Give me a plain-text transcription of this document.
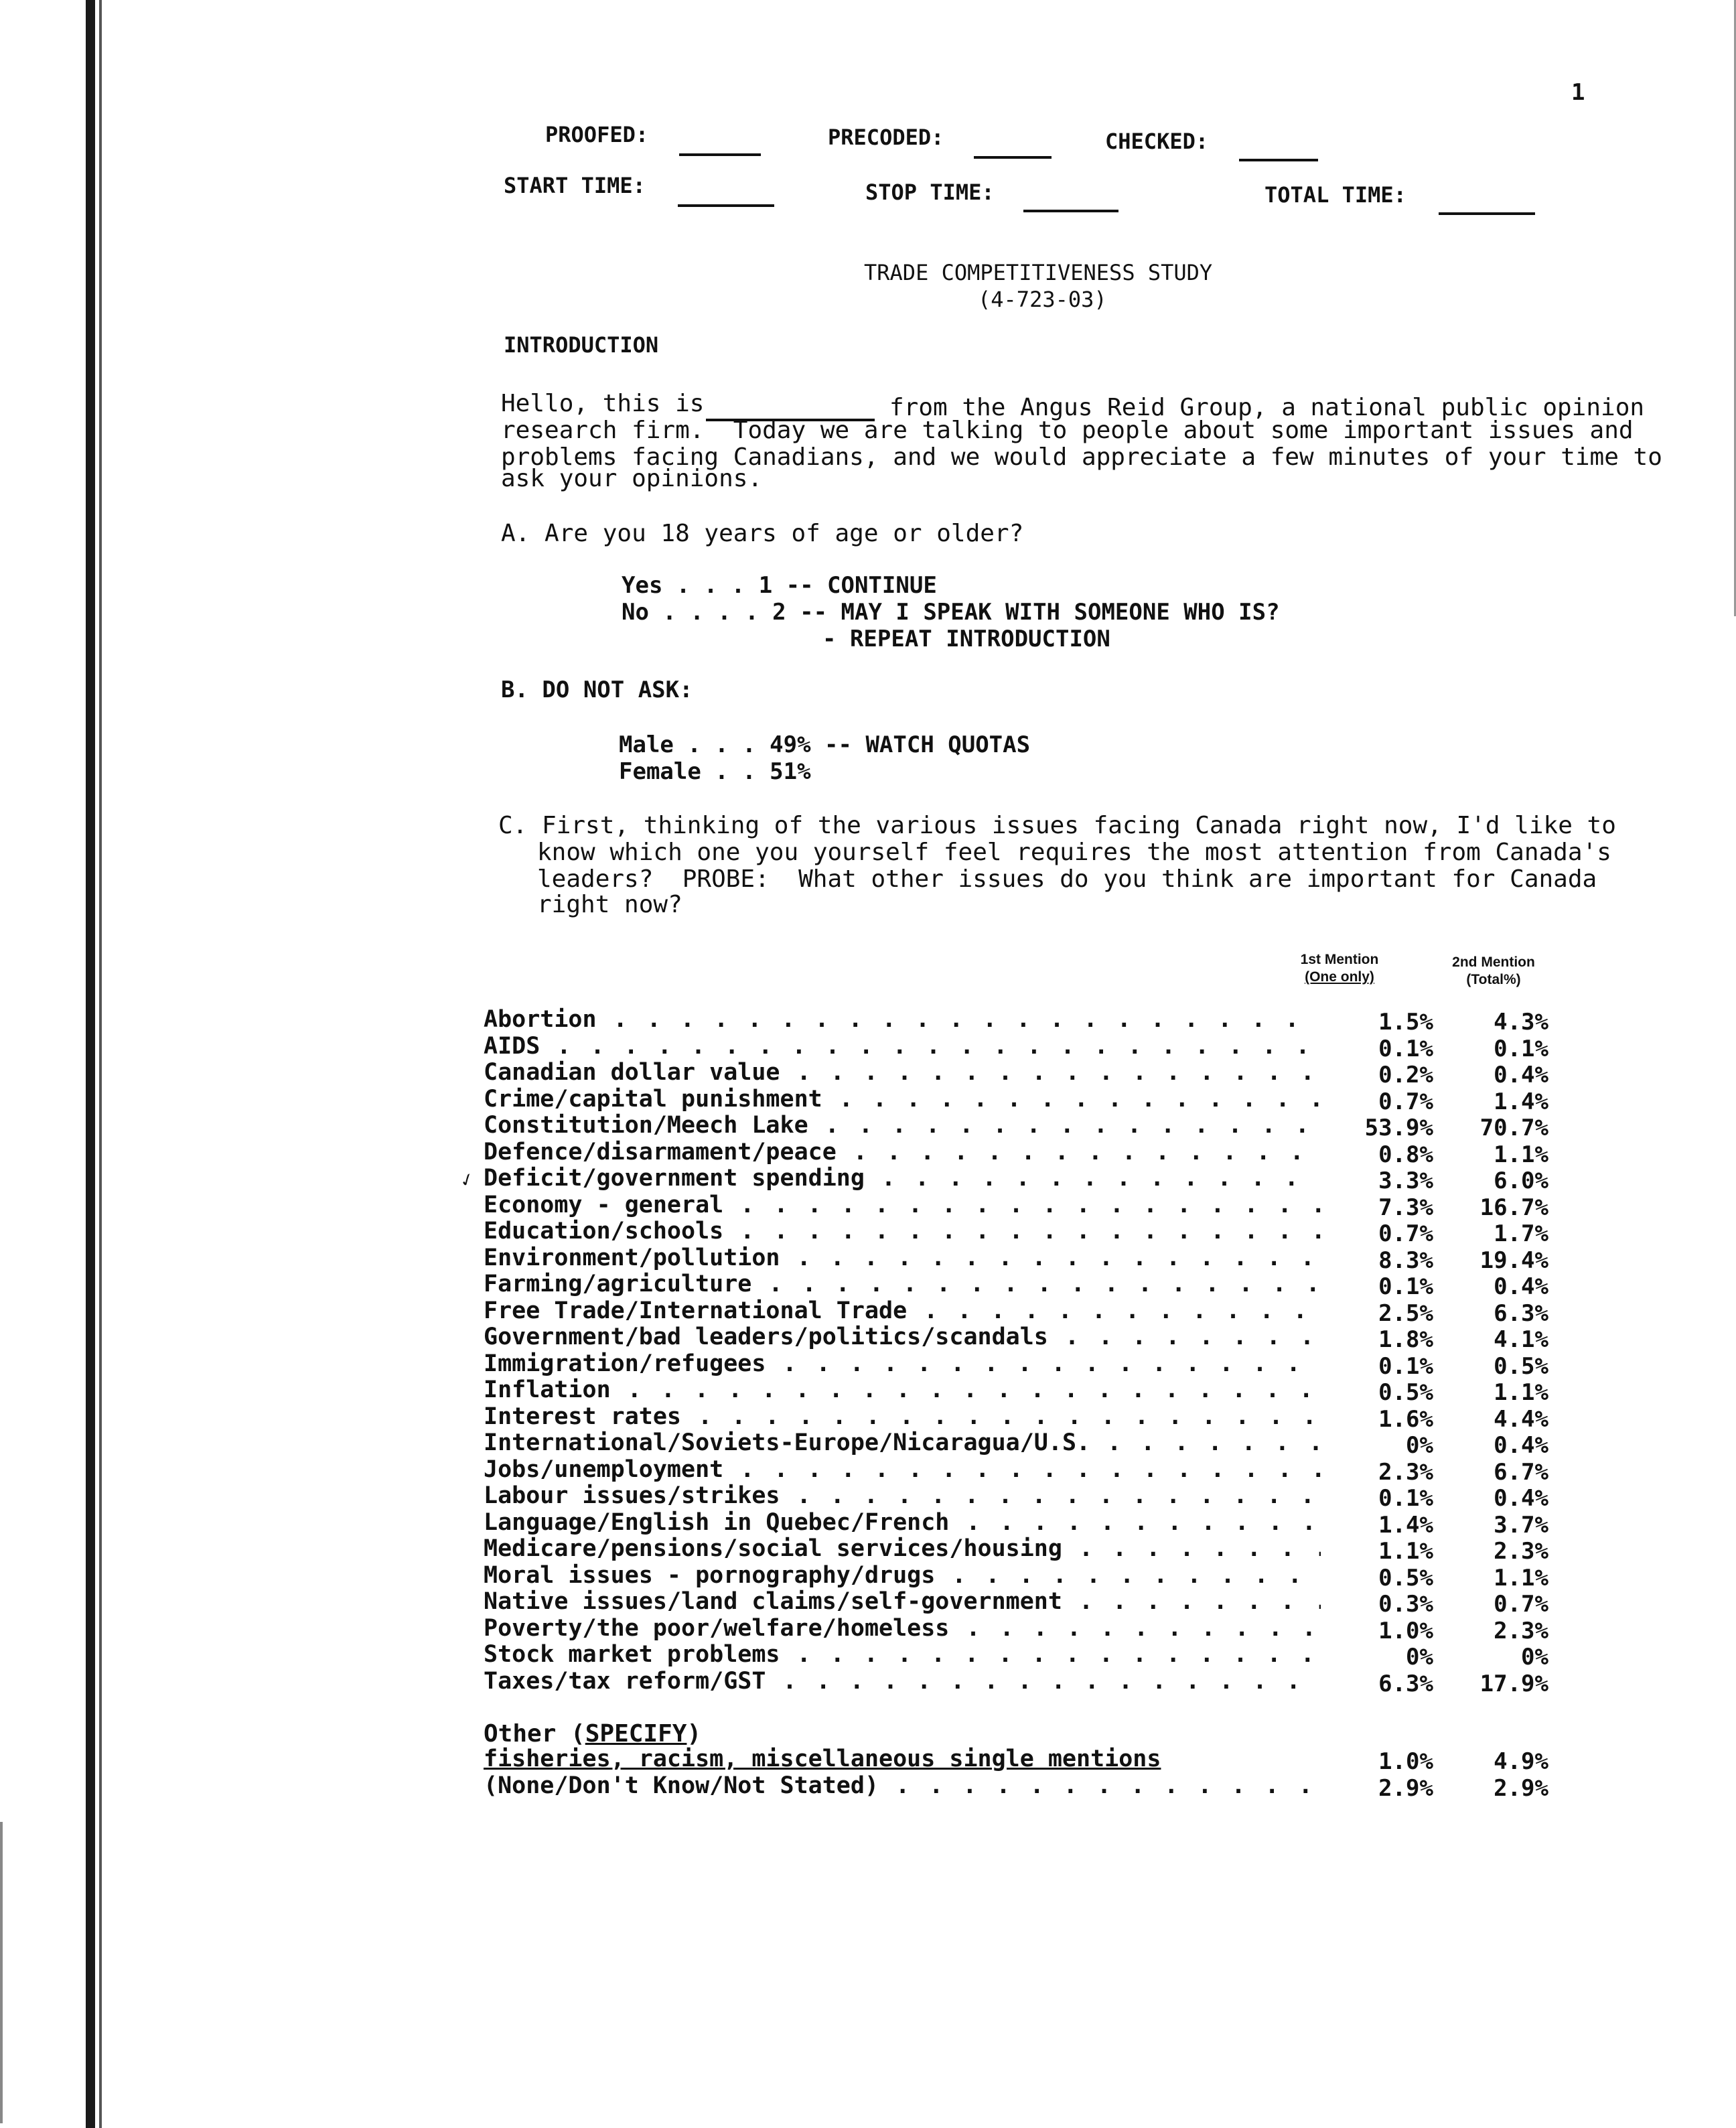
1
PROOFED:	PRECODED:	CHECKED:
START TIME:	STOP TIME:	TOTAL TIME:
TRADE COMPETITIVENESS STUDY
(4-723-03)
INTRODUCTION
Hello, this is	from the Angus Reid Group, a national public opinion
research firm.  Today we are talking to people about some important issues and
problems facing Canadians, and we would appreciate a few minutes of your time to
ask your opinions.
A. Are you 18 years of age or older?
Yes . . . 1 -- CONTINUE
No . . . . 2 -- MAY I SPEAK WITH SOMEONE WHO IS?
- REPEAT INTRODUCTION
B. DO NOT ASK:
Male . . . 49% -- WATCH QUOTAS
Female . . 51%
C. First, thinking of the various issues facing Canada right now, I'd like to
know which one you yourself feel requires the most attention from Canada's
leaders?  PROBE:  What other issues do you think are important for Canada
right now?
1st Mention
(One only)
2nd Mention
(Total%)
✓
Abortion . . .	1.5%	4.3%
AIDS . . .	0.1%	0.1%
Canadian dollar value . . .	0.2%	0.4%
Crime/capital punishment . . .	0.7%	1.4%
Constitution/Meech Lake . . .	53.9%	70.7%
Defence/disarmament/peace . . .	0.8%	1.1%
Deficit/government spending . . .	3.3%	6.0%
Economy - general . . .	7.3%	16.7%
Education/schools . . .	0.7%	1.7%
Environment/pollution . . .	8.3%	19.4%
Farming/agriculture . . .	0.1%	0.4%
Free Trade/International Trade . . .	2.5%	6.3%
Government/bad leaders/politics/scandals . . .	1.8%	4.1%
Immigration/refugees . . .	0.1%	0.5%
Inflation . . .	0.5%	1.1%
Interest rates . . .	1.6%	4.4%
International/Soviets-Europe/Nicaragua/U.S. . . .	0%	0.4%
Jobs/unemployment . . .	2.3%	6.7%
Labour issues/strikes . . .	0.1%	0.4%
Language/English in Quebec/French . . .	1.4%	3.7%
Medicare/pensions/social services/housing . . .	1.1%	2.3%
Moral issues - pornography/drugs . . .	0.5%	1.1%
Native issues/land claims/self-government . . .	0.3%	0.7%
Poverty/the poor/welfare/homeless . . .	1.0%	2.3%
Stock market problems . . .	0%	0%
Taxes/tax reform/GST . . .	6.3%	17.9%
Other (SPECIFY)
fisheries, racism, miscellaneous single mentions	1.0%	4.9%
(None/Don't Know/Not Stated) . . .	2.9%	2.9%
